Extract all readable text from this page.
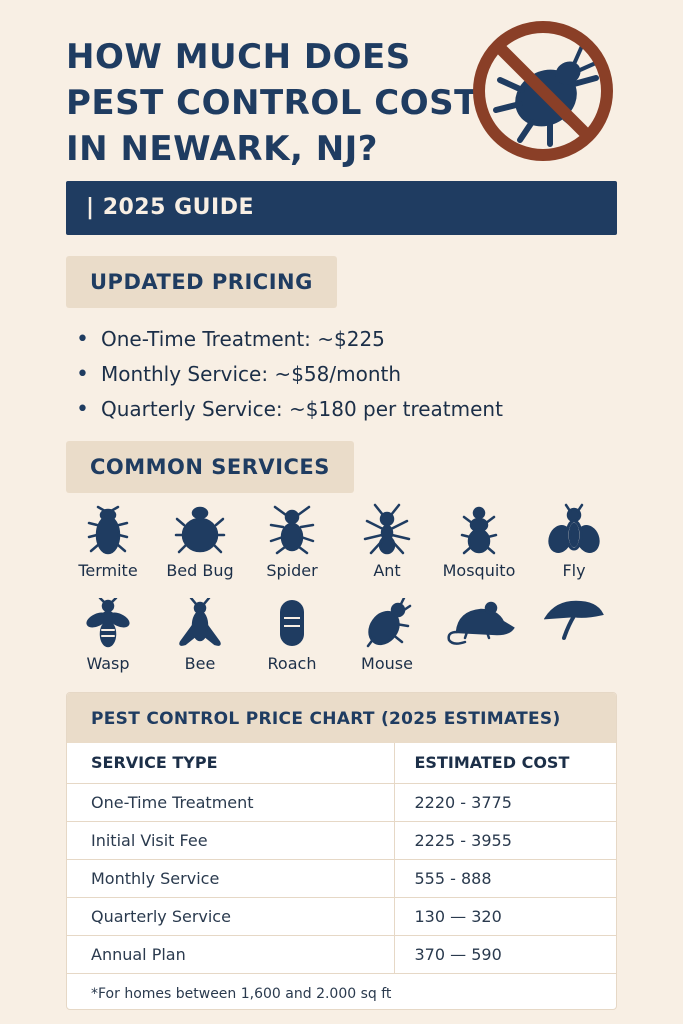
HOW MUCH DOES
PEST CONTROL COST
IN NEWARK, NJ?
| 2025 GUIDE
UPDATED PRICING
• One-Time Treatment: ~$225
• Monthly Service: ~$58/month
• Quarterly Service: ~$180 per treatment
COMMON SERVICES
Termite	Bed Bug	Spider	Ant	Mosquito	Fly
Wasp	Bee	Roach	Mouse
PEST CONTROL PRICE CHART (2025 ESTIMATES)
SERVICE TYPE	ESTIMATED COST
One-Time Treatment	2220 - 3775
Initial Visit Fee	2225 - 3955
Monthly Service	555 - 888
Quarterly Service	130 — 320
Annual Plan	370 — 590
*For homes between 1,600 and 2.000 sq ft
